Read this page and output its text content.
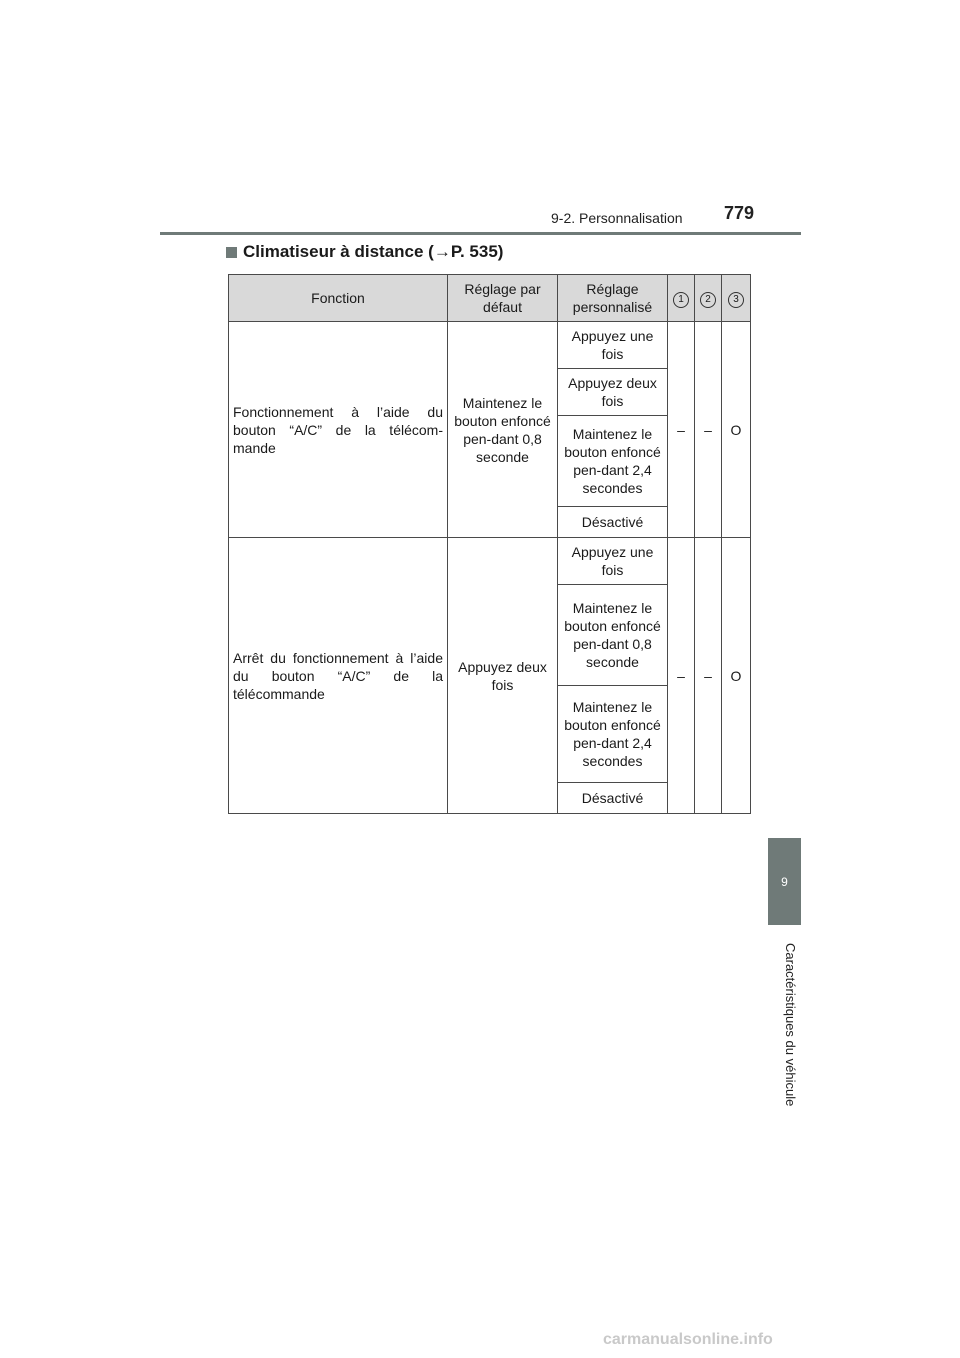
9-2. Personnalisation 779
Climatiseur à distance (→P. 535)
Fonction	Réglage par défaut	Réglage personnalisé	1	2	3
Fonctionnement à l’aide du bouton “A/C” de la télécom-mande	Maintenez le bouton enfoncé pen-dant 0,8 seconde	Appuyez une fois	–	–	O
		Appuyez deux fois			
		Maintenez le bouton enfoncé pen-dant 2,4 secondes			
		Désactivé			
Arrêt du fonctionnement à l’aide du bouton “A/C” de la télécommande	Appuyez deux fois	Appuyez une fois	–	–	O
		Maintenez le bouton enfoncé pen-dant 0,8 seconde			
		Maintenez le bouton enfoncé pen-dant 2,4 secondes			
		Désactivé			
9
Caractéristiques du véhicule
carmanualsonline.info
